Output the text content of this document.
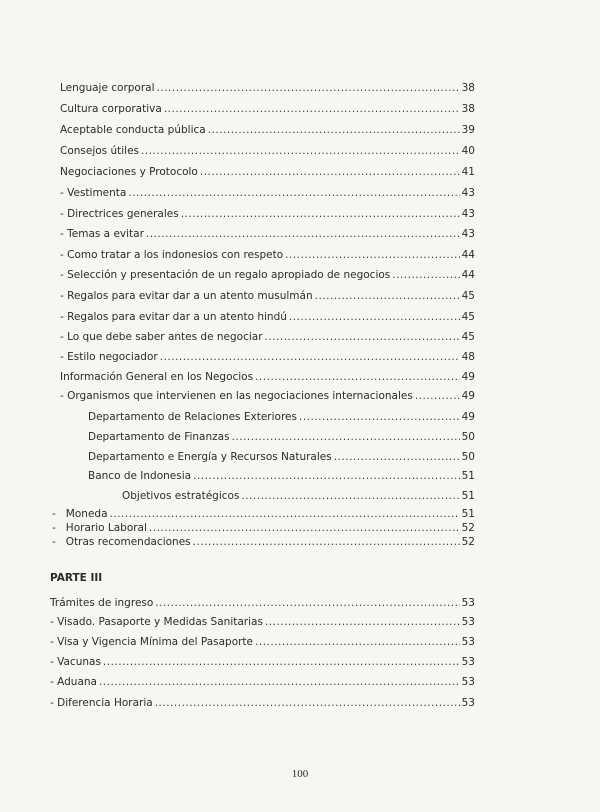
Lenguaje corporal .....	38
Cultura corporativa .....	38
Aceptable conducta pública .....	39
Consejos útiles .....	40
Negociaciones y Protocolo .....	41
- Vestimenta .....	43
- Directrices generales .....	43
- Temas a evitar .....	43
- Como tratar a los indonesios con respeto .....	44
- Selección y presentación de un regalo apropiado de negocios .....	44
- Regalos para evitar dar a un atento musulmán .....	45
- Regalos para evitar dar a un atento hindú .....	45
- Lo que debe saber antes de negociar .....	45
- Estilo negociador .....	48
Información General en los Negocios .....	49
- Organismos que intervienen en las negociaciones internacionales .....	49
Departamento de Relaciones Exteriores .....	49
Departamento de Finanzas .....	50
Departamento e Energía y Recursos Naturales .....	50
Banco de Indonesia .....	51
Objetivos estratégicos .....	51
-   Moneda .....	51
-   Horario Laboral .....	52
-   Otras recomendaciones .....	52
PARTE III
Trámites de ingreso .....	53
- Visado. Pasaporte y Medidas Sanitarias .....	53
- Visa y Vigencia Mínima del Pasaporte .....	53
- Vacunas .....	53
- Aduana .....	53
- Diferencia Horaria .....	53
100
